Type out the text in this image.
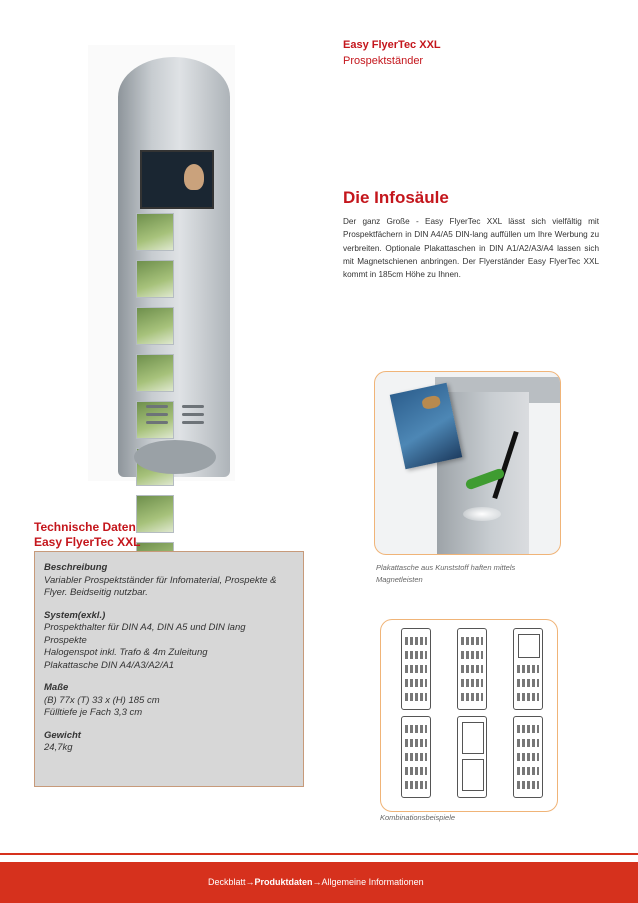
Easy FlyerTec XXL
Prospektständer
Die Infosäule
Der ganz Große - Easy FlyerTec XXL lässt sich vielfältig mit Prospektfächern in DIN A4/A5 DIN-lang auffüllen um Ihre Werbung zu verbreiten. Optionale Plakattaschen in DIN A1/A2/A3/A4 lassen sich mit Magnetschienen anbringen. Der Flyerständer Easy FlyerTec XXL kommt in 185cm Höhe zu Ihnen.
Plakattasche aus Kunststoff haften mittels
Magnetleisten
Kombinationsbeispiele
Technische Daten
Easy FlyerTec XXL
Beschreibung
Variabler Prospektständer für Infomaterial, Prospekte & Flyer. Beidseitig nutzbar.
System(exkl.)
Prospekthalter für DIN A4, DIN A5 und DIN lang
Prospekte
Halogenspot inkl. Trafo & 4m Zuleitung
Plakattasche DIN A4/A3/A2/A1
Maße
(B) 77x (T) 33 x (H) 185 cm
Fülltiefe je Fach 3,3 cm
Gewicht
24,7kg
Deckblatt→Produktdaten→Allgemeine Informationen
